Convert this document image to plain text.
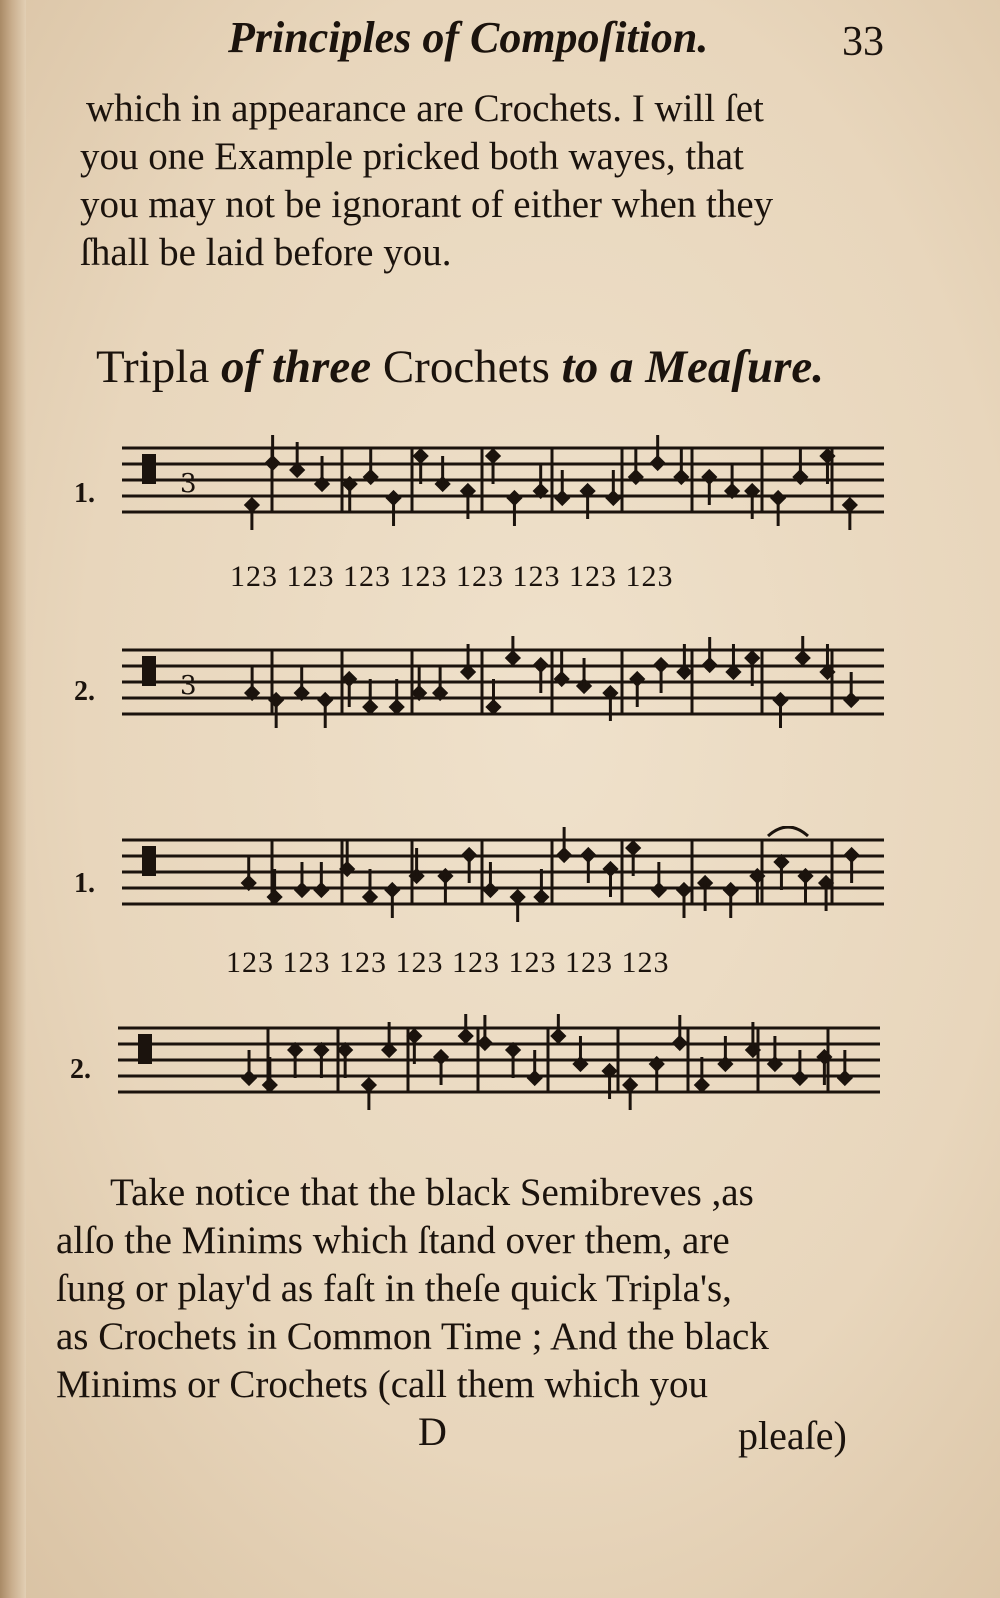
Principles of Compoſition.	33
which in appearance are Crochets. I will ſet
you one Example pricked both wayes, that
you may not be ignorant of either when they
ſhall be laid before you.
Tripla of three Crochets to a Meaſure.
1.	3
123 123 123 123 123 123 123 123
2.	3
1.
123 123 123 123 123 123 123 123
2.
Take notice that the black Semibreves ,as
alſo the Minims which ſtand over them, are
ſung or play'd as faſt in theſe quick Tripla's,
as Crochets in Common Time ; And the black
Minims or Crochets (call them which you
D	pleaſe)
